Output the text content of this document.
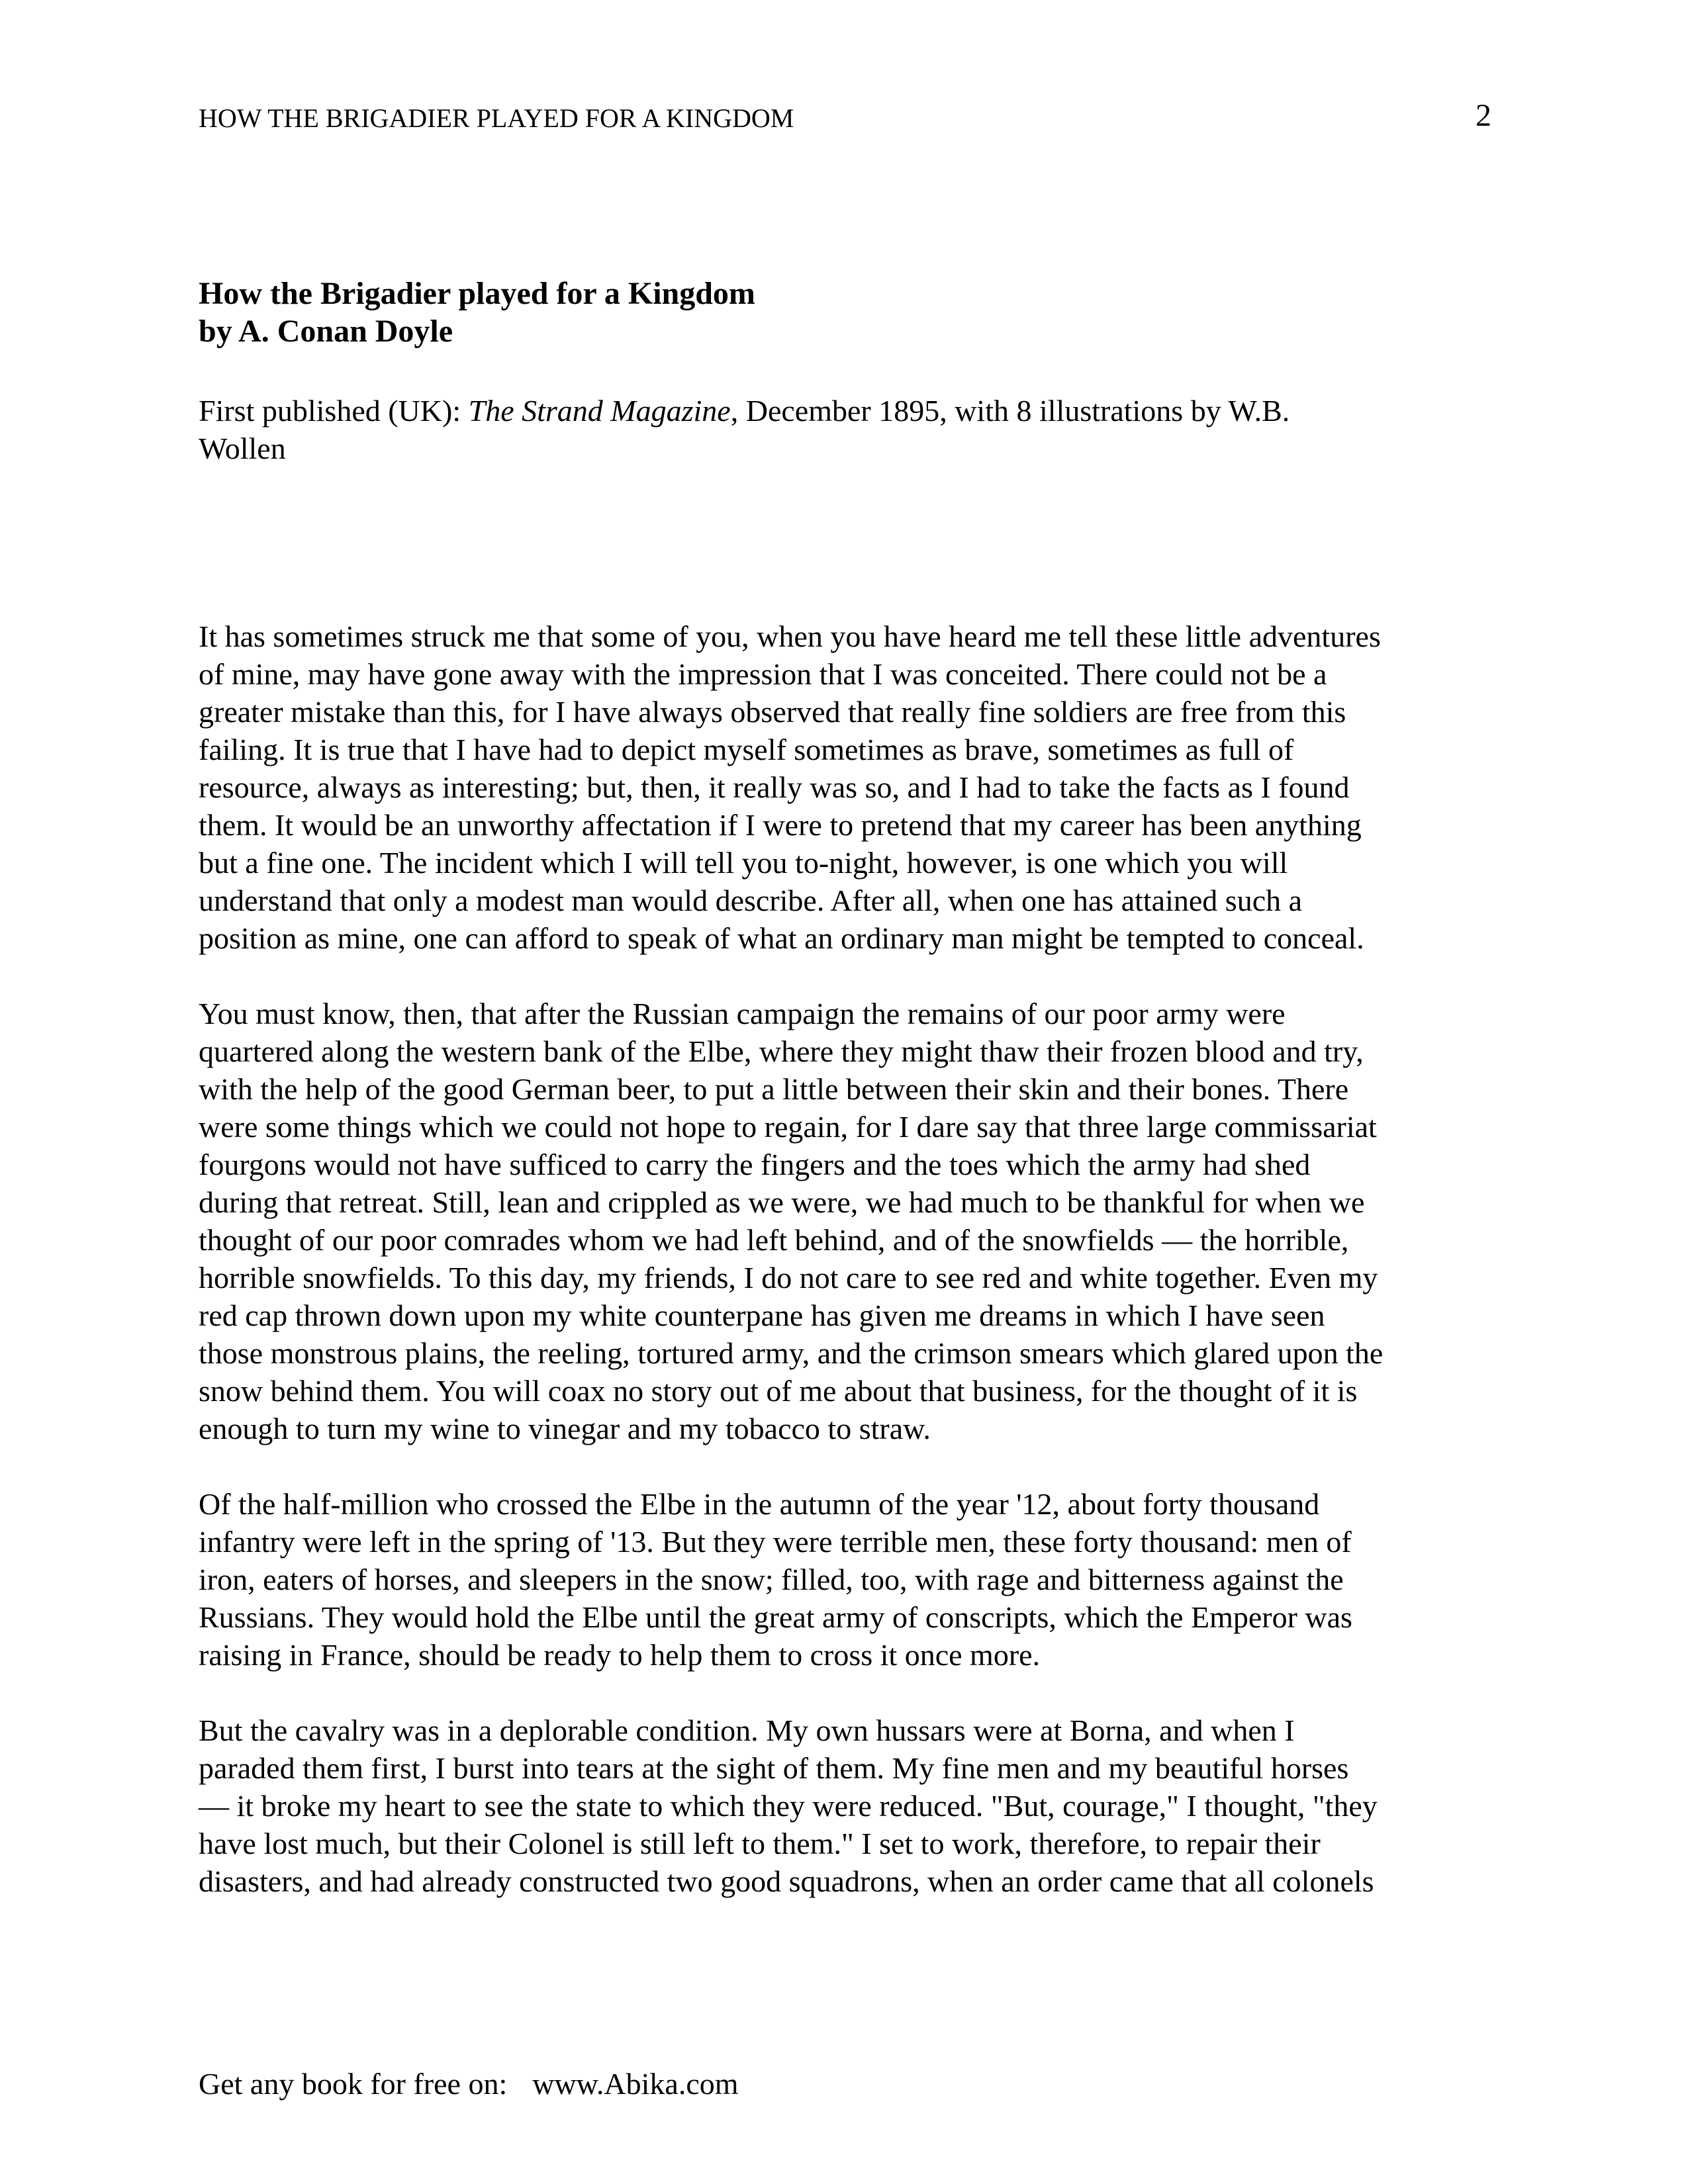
HOW THE BRIGADIER PLAYED FOR A KINGDOM	2
How the Brigadier played for a Kingdom
by A. Conan Doyle
First published (UK): The Strand Magazine, December 1895, with 8 illustrations by W.B.
Wollen
It has sometimes struck me that some of you, when you have heard me tell these little adventures
of mine, may have gone away with the impression that I was conceited. There could not be a
greater mistake than this, for I have always observed that really fine soldiers are free from this
failing. It is true that I have had to depict myself sometimes as brave, sometimes as full of
resource, always as interesting; but, then, it really was so, and I had to take the facts as I found
them. It would be an unworthy affectation if I were to pretend that my career has been anything
but a fine one. The incident which I will tell you to-night, however, is one which you will
understand that only a modest man would describe. After all, when one has attained such a
position as mine, one can afford to speak of what an ordinary man might be tempted to conceal.
You must know, then, that after the Russian campaign the remains of our poor army were
quartered along the western bank of the Elbe, where they might thaw their frozen blood and try,
with the help of the good German beer, to put a little between their skin and their bones. There
were some things which we could not hope to regain, for I dare say that three large commissariat
fourgons would not have sufficed to carry the fingers and the toes which the army had shed
during that retreat. Still, lean and crippled as we were, we had much to be thankful for when we
thought of our poor comrades whom we had left behind, and of the snowfields — the horrible,
horrible snowfields. To this day, my friends, I do not care to see red and white together. Even my
red cap thrown down upon my white counterpane has given me dreams in which I have seen
those monstrous plains, the reeling, tortured army, and the crimson smears which glared upon the
snow behind them. You will coax no story out of me about that business, for the thought of it is
enough to turn my wine to vinegar and my tobacco to straw.
Of the half-million who crossed the Elbe in the autumn of the year '12, about forty thousand
infantry were left in the spring of '13. But they were terrible men, these forty thousand: men of
iron, eaters of horses, and sleepers in the snow; filled, too, with rage and bitterness against the
Russians. They would hold the Elbe until the great army of conscripts, which the Emperor was
raising in France, should be ready to help them to cross it once more.
But the cavalry was in a deplorable condition. My own hussars were at Borna, and when I
paraded them first, I burst into tears at the sight of them. My fine men and my beautiful horses
— it broke my heart to see the state to which they were reduced. "But, courage," I thought, "they
have lost much, but their Colonel is still left to them." I set to work, therefore, to repair their
disasters, and had already constructed two good squadrons, when an order came that all colonels
Get any book for free on: www.Abika.com
